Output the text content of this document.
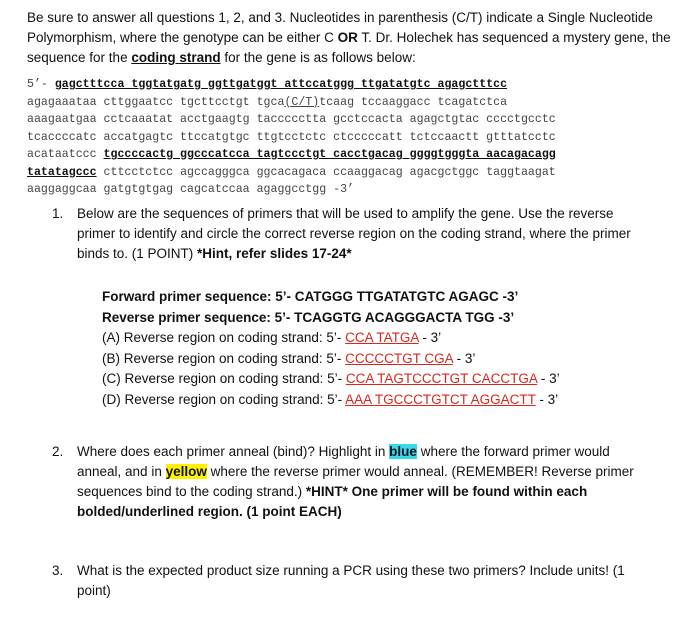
Be sure to answer all questions 1, 2, and 3. Nucleotides in parenthesis (C/T) indicate a Single Nucleotide Polymorphism, where the genotype can be either C OR T. Dr. Holechek has sequenced a mystery gene, the sequence for the coding strand for the gene is as follows below:
5’- gagctttcca tggtatgatg ggttgatggt attccatggg ttgatatgtc agagctttcc
agagaaataa cttggaatcc tgcttcctgt tgca(C/T)tcaag tccaaggacc tcagatctca
aaagaatgaa cctcaaatat acctgaagtg taccccctta gcctccacta agagctgtac cccctgcctc
tcaccccatc accatgagtc ttccatgtgc ttgtcctctc ctcccccatt tctccaactt gtttatcctc
acataatccc tgccccactg ggcccatcca tagtccctgt cacctgacag ggggtgggta aacagacagg
tatatagccc cttcctctcc agccagggca ggcacagaca ccaaggacag agacgctggc taggtaagat
aaggaggcaa gatgtgtgag cagcatccaa agaggcctgg -3’
1. Below are the sequences of primers that will be used to amplify the gene. Use the reverse primer to identify and circle the correct reverse region on the coding strand, where the primer binds to. (1 POINT) *Hint, refer slides 17-24*
Forward primer sequence: 5’- CATGGG TTGATATGTC AGAGC -3’
Reverse primer sequence: 5’- TCAGGTG ACAGGGACTA TGG -3’
(A) Reverse region on coding strand: 5’- CCA TATGA - 3’
(B) Reverse region on coding strand: 5’- CCCCCTGT CGA - 3’
(C) Reverse region on coding strand: 5’- CCA TAGTCCCTGT CACCTGA - 3’
(D) Reverse region on coding strand: 5’- AAA TGCCCTGTCT AGGACTT - 3’
2. Where does each primer anneal (bind)? Highlight in blue where the forward primer would anneal, and in yellow where the reverse primer would anneal. (REMEMBER! Reverse primer sequences bind to the coding strand.) *HINT* One primer will be found within each bolded/underlined region. (1 point EACH)
3. What is the expected product size running a PCR using these two primers? Include units! (1 point)
